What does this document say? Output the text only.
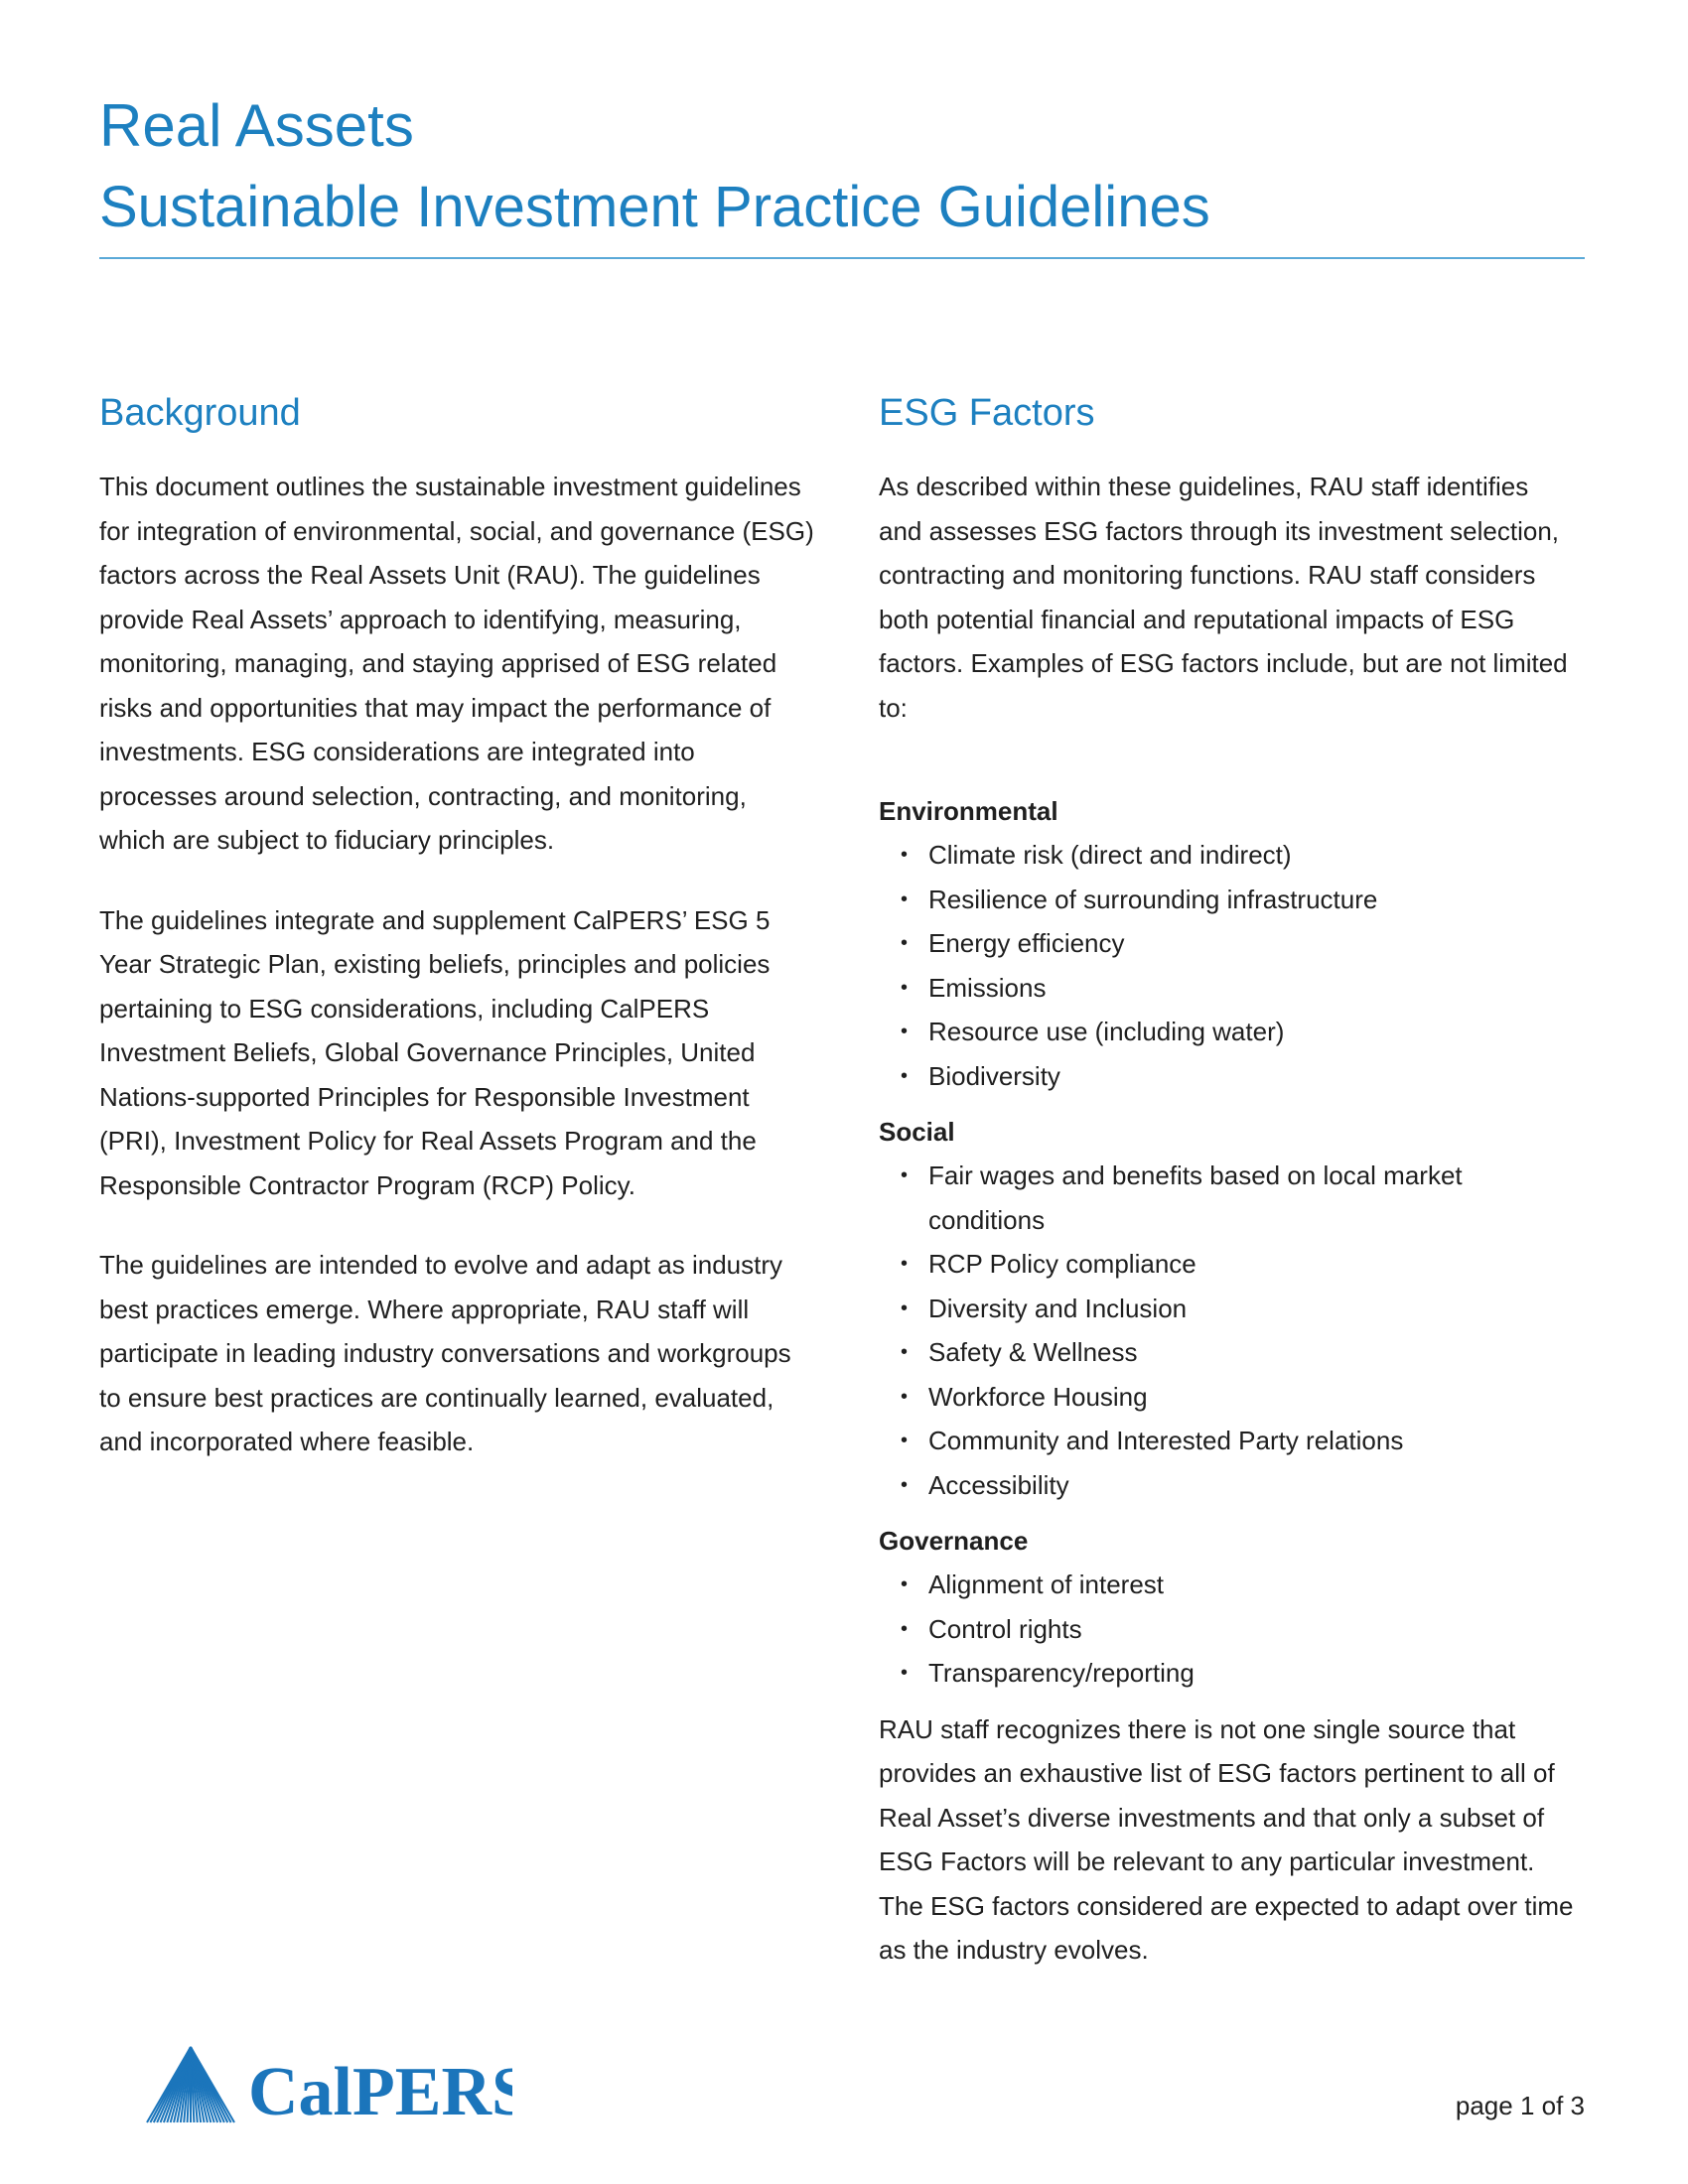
Real Assets
Sustainable Investment Practice Guidelines
Background

This document outlines the sustainable investment guidelines for integration of environmental, social, and governance (ESG) factors across the Real Assets Unit (RAU). The guidelines provide Real Assets’ approach to identifying, measuring, monitoring, managing, and staying apprised of ESG related risks and opportunities that may impact the performance of investments. ESG considerations are integrated into processes around selection, contracting, and monitoring, which are subject to fiduciary principles.

The guidelines integrate and supplement CalPERS’ ESG 5 Year Strategic Plan, existing beliefs, principles and policies pertaining to ESG considerations, including CalPERS Investment Beliefs, Global Governance Principles, United Nations-supported Principles for Responsible Investment (PRI), Investment Policy for Real Assets Program and the Responsible Contractor Program (RCP) Policy.

The guidelines are intended to evolve and adapt as industry best practices emerge. Where appropriate, RAU staff will participate in leading industry conversations and workgroups to ensure best practices are continually learned, evaluated, and incorporated where feasible.

ESG Factors

As described within these guidelines, RAU staff identifies and assesses ESG factors through its investment selection, contracting and monitoring functions. RAU staff considers both potential financial and reputational impacts of ESG factors. Examples of ESG factors include, but are not limited to:

Environmental
• Climate risk (direct and indirect)
• Resilience of surrounding infrastructure
• Energy efficiency
• Emissions
• Resource use (including water)
• Biodiversity
Social
• Fair wages and benefits based on local market conditions
• RCP Policy compliance
• Diversity and Inclusion
• Safety & Wellness
• Workforce Housing
• Community and Interested Party relations
• Accessibility
Governance
• Alignment of interest
• Control rights
• Transparency/reporting

RAU staff recognizes there is not one single source that provides an exhaustive list of ESG factors pertinent to all of Real Asset’s diverse investments and that only a subset of ESG Factors will be relevant to any particular investment. The ESG factors considered are expected to adapt over time as the industry evolves.

CalPERS	page 1 of 3
